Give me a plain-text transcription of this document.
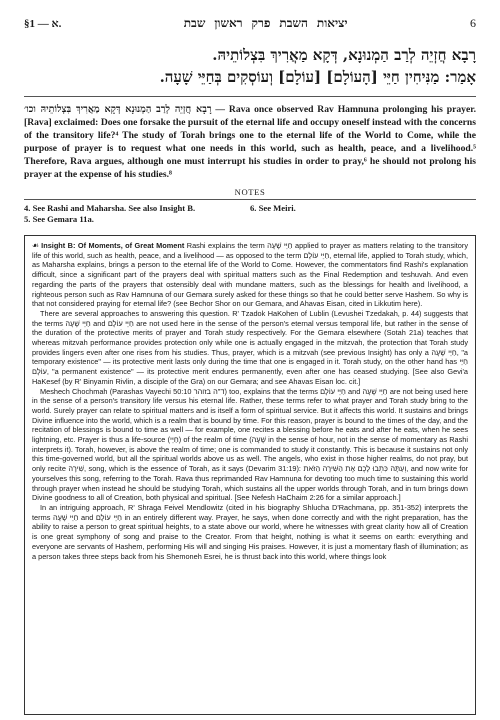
§1 — א.	יציאות השבת פרק ראשון שבת	6
רָבָא חֲזְיֵה לְרַב הַמְנוּנָא, דְּקָא מַאֲרִיךְ בִּצְלוֹתֵיהּ.
אָמַר: מַנִּיחִין חַיֵּי [הָעוֹלָם] [עוֹלָם] וְעוֹסְקִים בְּחַיֵּי שָׁעָה.
רָבָא חֲזְיֵה לְרַב הַמְנוּנָא דְּקָא מַאֲרִיךְ בִּצְלוֹתֵיהּ וכו׳ — Rava once observed Rav Hamnuna prolonging his prayer. [Rava] exclaimed: Does one forsake the pursuit of the eternal life and occupy oneself instead with the concerns of the transitory life?⁴ The study of Torah brings one to the eternal life of the World to Come, while the purpose of prayer is to request what one needs in this world, such as health, peace, and a livelihood.⁵ Therefore, Rava argues, although one must interrupt his studies in order to pray,⁶ he should not prolong his prayer at the expense of his studies.⁸
NOTES
4. See Rashi and Maharsha. See also Insight B.	6. See Meiri.
5. See Gemara 11a.

☙ Insight B: Of Moments, of Great Moment Rashi explains the term חַיֵּי שָׁעָה applied to prayer as matters relating to the transitory life of this world, such as health, peace, and a livelihood — as opposed to the term חַיֵּי עוֹלָם, eternal life, applied to Torah study, which, as Maharsha explains, brings a person to the eternal life of the World to Come. However, the commentators find Rashi's explanation difficult, since a significant part of the prayers deal with spiritual matters such as the Final Redemption and teshuvah. And even regarding the parts of the prayers that ostensibly deal with mundane matters, such as the blessings for health and livelihood, a righteous person such as Rav Hamnuna of our Gemara surely asked for these things so that he could better serve Hashem. So why is that not considered praying for eternal life? (see Bechor Shor on our Gemara, and Ahavas Eisan, cited in Likkutim here).

There are several approaches to answering this question. R' Tzadok HaKohen of Lublin (Levushei Tzedakah, p. 44) suggests that the terms חַיֵּי שָׁעָה and חַיֵּי עוֹלָם are not used here in the sense of the person's eternal versus temporal life, but rather in the sense of the duration of the protective merits of prayer and Torah study respectively. For the Gemara elsewhere (Sotah 21a) teaches that whereas mitzvah performance provides protection only while one is actually engaged in the mitzvah, the protection that Torah study provides lingers even after one rises from his studies. Thus, prayer, which is a mitzvah (see previous Insight) has only a חַיֵּי שָׁעָה, "a temporary existence" — its protective merit lasts only during the time that one is engaged in it. Torah study, on the other hand has חַיֵּי עוֹלָם, "a permanent existence" — its protective merit endures permanently, even after one has ceased studying. [See also Gevi'a HaKesef (by R' Binyamin Rivlin, a disciple of the Gra) on our Gemara; and see Ahavas Eisan loc. cit.]

Meshech Chochmah (Parashas Vayechi 50:10 ד"ה בזוהר) too, explains that the terms חַיֵּי עוֹלָם and חַיֵּי שָׁעָה are not being used here in the sense of a person's transitory life versus his eternal life. Rather, these terms refer to what prayer and Torah study bring to the world. Surely prayer can relate to spiritual matters and is itself a form of spiritual service. But it affects this world. It sustains and brings Divine influence into the world, which is a realm that is bound by time. For this reason, prayer is bound to the times of the day, and the recitation of blessings is bound to time as well — for example, one recites a blessing before he eats and after he eats, when he sees lightning, etc. Prayer is thus a life-source (חַיֵּי) of the realm of time (שָׁעָה in the sense of hour, not in the sense of momentary as Rashi interprets it). Torah, however, is above the realm of time; one is commanded to study it constantly. This is because it sustains not only this time-governed world, but all the spiritual worlds above us as well. The angels, who exist in those higher realms, do not pray, but only recite שִׁירָה, song, which is the essence of Torah, as it says (Devarim 31:19): וְעַתָּה כִּתְבוּ לָכֶם אֶת הַשִּׁירָה הַזֹּאת, and now write for yourselves this song, referring to the Torah. Rava thus reprimanded Rav Hamnuna for devoting too much time to sustaining this world through prayer when instead he should be studying Torah, which sustains all the upper worlds through Torah, and in turn brings down Divine goodness to all of Creation, both physical and spiritual. [See Nefesh HaChaim 2:26 for a similar approach.]

In an intriguing approach, R' Shraga Feivel Mendlowitz (cited in his biography Shlucha D'Rachmana, pp. 351-352) interprets the terms חַיֵּי שָׁעָה and חַיֵּי עוֹלָם in an entirely different way. Prayer, he says, when done correctly and with the right preparation, has the ability to raise a person to great spiritual heights, to a state above our world, where he witnesses with great clarity how all of Creation is one great symphony of song and praise to the Creator. From that height, nothing is what it seems on earth: everything and everyone are servants of Hashem, performing His will and singing His praises. However, it is just a momentary flash of illumination; as a person takes three steps back from his Shemoneh Esrei, he is thrust back into this world, where things look
